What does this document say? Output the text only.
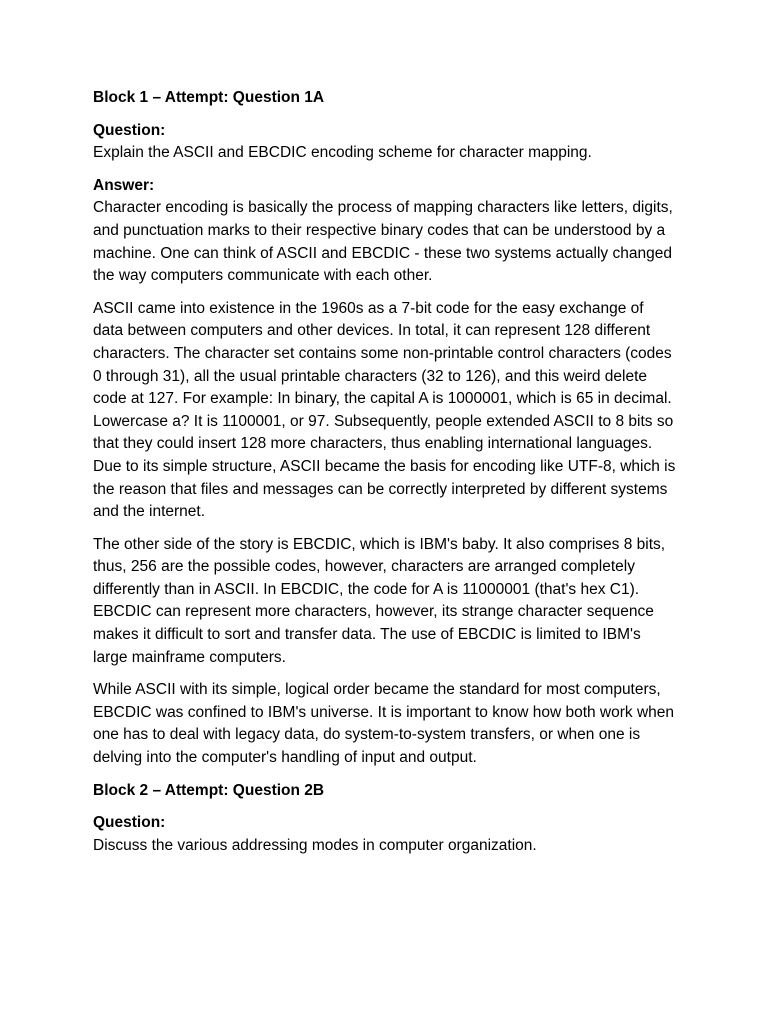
Block 1 – Attempt: Question 1A

Question:
Explain the ASCII and EBCDIC encoding scheme for character mapping.
Answer:
Character encoding is basically the process of mapping characters like letters, digits, and punctuation marks to their respective binary codes that can be understood by a machine. One can think of ASCII and EBCDIC - these two systems actually changed the way computers communicate with each other.

ASCII came into existence in the 1960s as a 7-bit code for the easy exchange of data between computers and other devices. In total, it can represent 128 different characters. The character set contains some non-printable control characters (codes 0 through 31), all the usual printable characters (32 to 126), and this weird delete code at 127. For example: In binary, the capital A is 1000001, which is 65 in decimal. Lowercase a? It is 1100001, or 97. Subsequently, people extended ASCII to 8 bits so that they could insert 128 more characters, thus enabling international languages. Due to its simple structure, ASCII became the basis for encoding like UTF-8, which is the reason that files and messages can be correctly interpreted by different systems and the internet.

The other side of the story is EBCDIC, which is IBM's baby. It also comprises 8 bits, thus, 256 are the possible codes, however, characters are arranged completely differently than in ASCII. In EBCDIC, the code for A is 11000001 (that's hex C1). EBCDIC can represent more characters, however, its strange character sequence makes it difficult to sort and transfer data. The use of EBCDIC is limited to IBM's large mainframe computers.

While ASCII with its simple, logical order became the standard for most computers, EBCDIC was confined to IBM's universe. It is important to know how both work when one has to deal with legacy data, do system-to-system transfers, or when one is delving into the computer's handling of input and output.

Block 2 – Attempt: Question 2B

Question:
Discuss the various addressing modes in computer organization.
